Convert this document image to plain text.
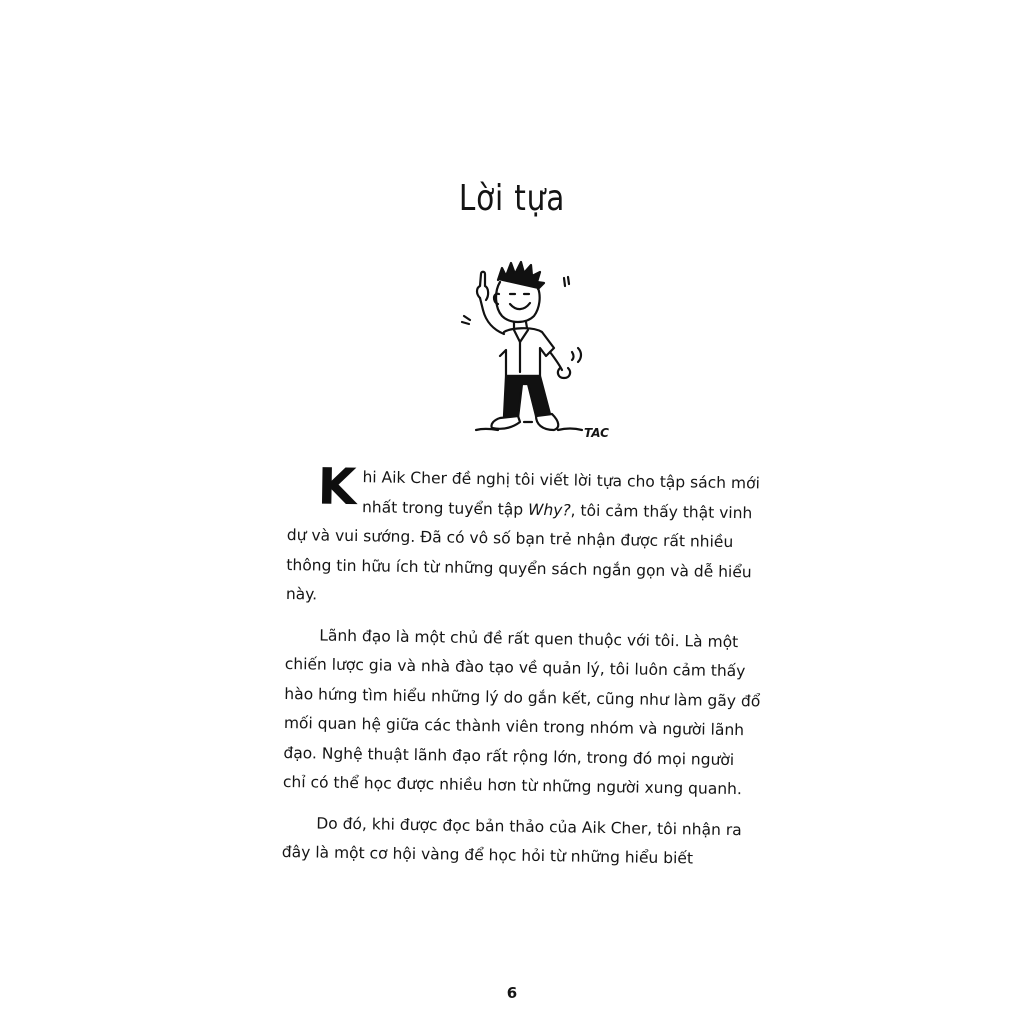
Lời tựa
TAC

Khi Aik Cher đề nghị tôi viết lời tựa cho tập sách mới nhất trong tuyển tập Why?, tôi cảm thấy thật vinh dự và vui sướng. Đã có vô số bạn trẻ nhận được rất nhiều thông tin hữu ích từ những quyển sách ngắn gọn và dễ hiểu này.

Lãnh đạo là một chủ đề rất quen thuộc với tôi. Là một chiến lược gia và nhà đào tạo về quản lý, tôi luôn cảm thấy hào hứng tìm hiểu những lý do gắn kết, cũng như làm gãy đổ mối quan hệ giữa các thành viên trong nhóm và người lãnh đạo. Nghệ thuật lãnh đạo rất rộng lớn, trong đó mọi người chỉ có thể học được nhiều hơn từ những người xung quanh.

Do đó, khi được đọc bản thảo của Aik Cher, tôi nhận ra đây là một cơ hội vàng để học hỏi từ những hiểu biết

6
